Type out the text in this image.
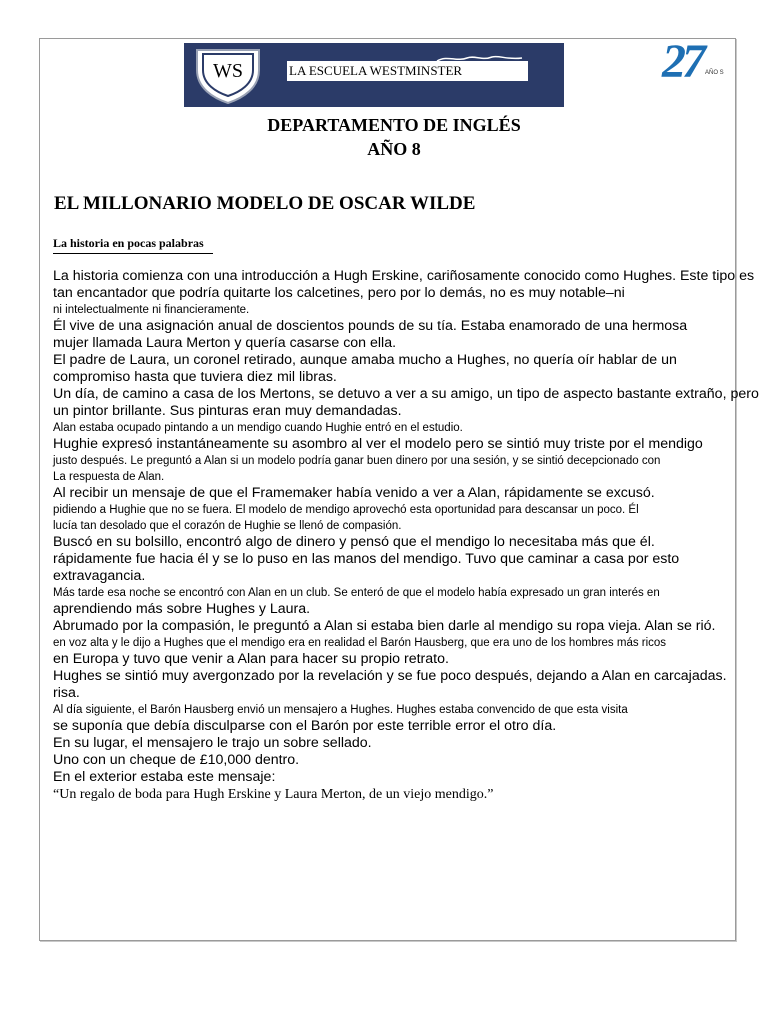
WS	LA ESCUELA WESTMINSTER	27 AÑO S
DEPARTAMENTO DE INGLÉS
AÑO 8
EL MILLONARIO MODELO DE OSCAR WILDE
La historia en pocas palabras
La historia comienza con una introducción a Hugh Erskine, cariñosamente conocido como Hughes. Este tipo es
tan encantador que podría quitarte los calcetines, pero por lo demás, no es muy notable–ni
ni intelectualmente ni financieramente.
Él vive de una asignación anual de doscientos pounds de su tía. Estaba enamorado de una hermosa
mujer llamada Laura Merton y quería casarse con ella.
El padre de Laura, un coronel retirado, aunque amaba mucho a Hughes, no quería oír hablar de un
compromiso hasta que tuviera diez mil libras.
Un día, de camino a casa de los Mertons, se detuvo a ver a su amigo, un tipo de aspecto bastante extraño, pero
un pintor brillante. Sus pinturas eran muy demandadas.
Alan estaba ocupado pintando a un mendigo cuando Hughie entró en el estudio.
Hughie expresó instantáneamente su asombro al ver el modelo pero se sintió muy triste por el mendigo
justo después. Le preguntó a Alan si un modelo podría ganar buen dinero por una sesión, y se sintió decepcionado con
La respuesta de Alan.
Al recibir un mensaje de que el Framemaker había venido a ver a Alan, rápidamente se excusó.
pidiendo a Hughie que no se fuera. El modelo de mendigo aprovechó esta oportunidad para descansar un poco. Él
lucía tan desolado que el corazón de Hughie se llenó de compasión.
Buscó en su bolsillo, encontró algo de dinero y pensó que el mendigo lo necesitaba más que él.
rápidamente fue hacia él y se lo puso en las manos del mendigo. Tuvo que caminar a casa por esto
extravagancia.
Más tarde esa noche se encontró con Alan en un club. Se enteró de que el modelo había expresado un gran interés en
aprendiendo más sobre Hughes y Laura.
Abrumado por la compasión, le preguntó a Alan si estaba bien darle al mendigo su ropa vieja. Alan se rió.
en voz alta y le dijo a Hughes que el mendigo era en realidad el Barón Hausberg, que era uno de los hombres más ricos
en Europa y tuvo que venir a Alan para hacer su propio retrato.
Hughes se sintió muy avergonzado por la revelación y se fue poco después, dejando a Alan en carcajadas.
risa.
Al día siguiente, el Barón Hausberg envió un mensajero a Hughes. Hughes estaba convencido de que esta visita
se suponía que debía disculparse con el Barón por este terrible error el otro día.
En su lugar, el mensajero le trajo un sobre sellado.
Uno con un cheque de £10,000 dentro.
En el exterior estaba este mensaje:
“Un regalo de boda para Hugh Erskine y Laura Merton, de un viejo mendigo.”
